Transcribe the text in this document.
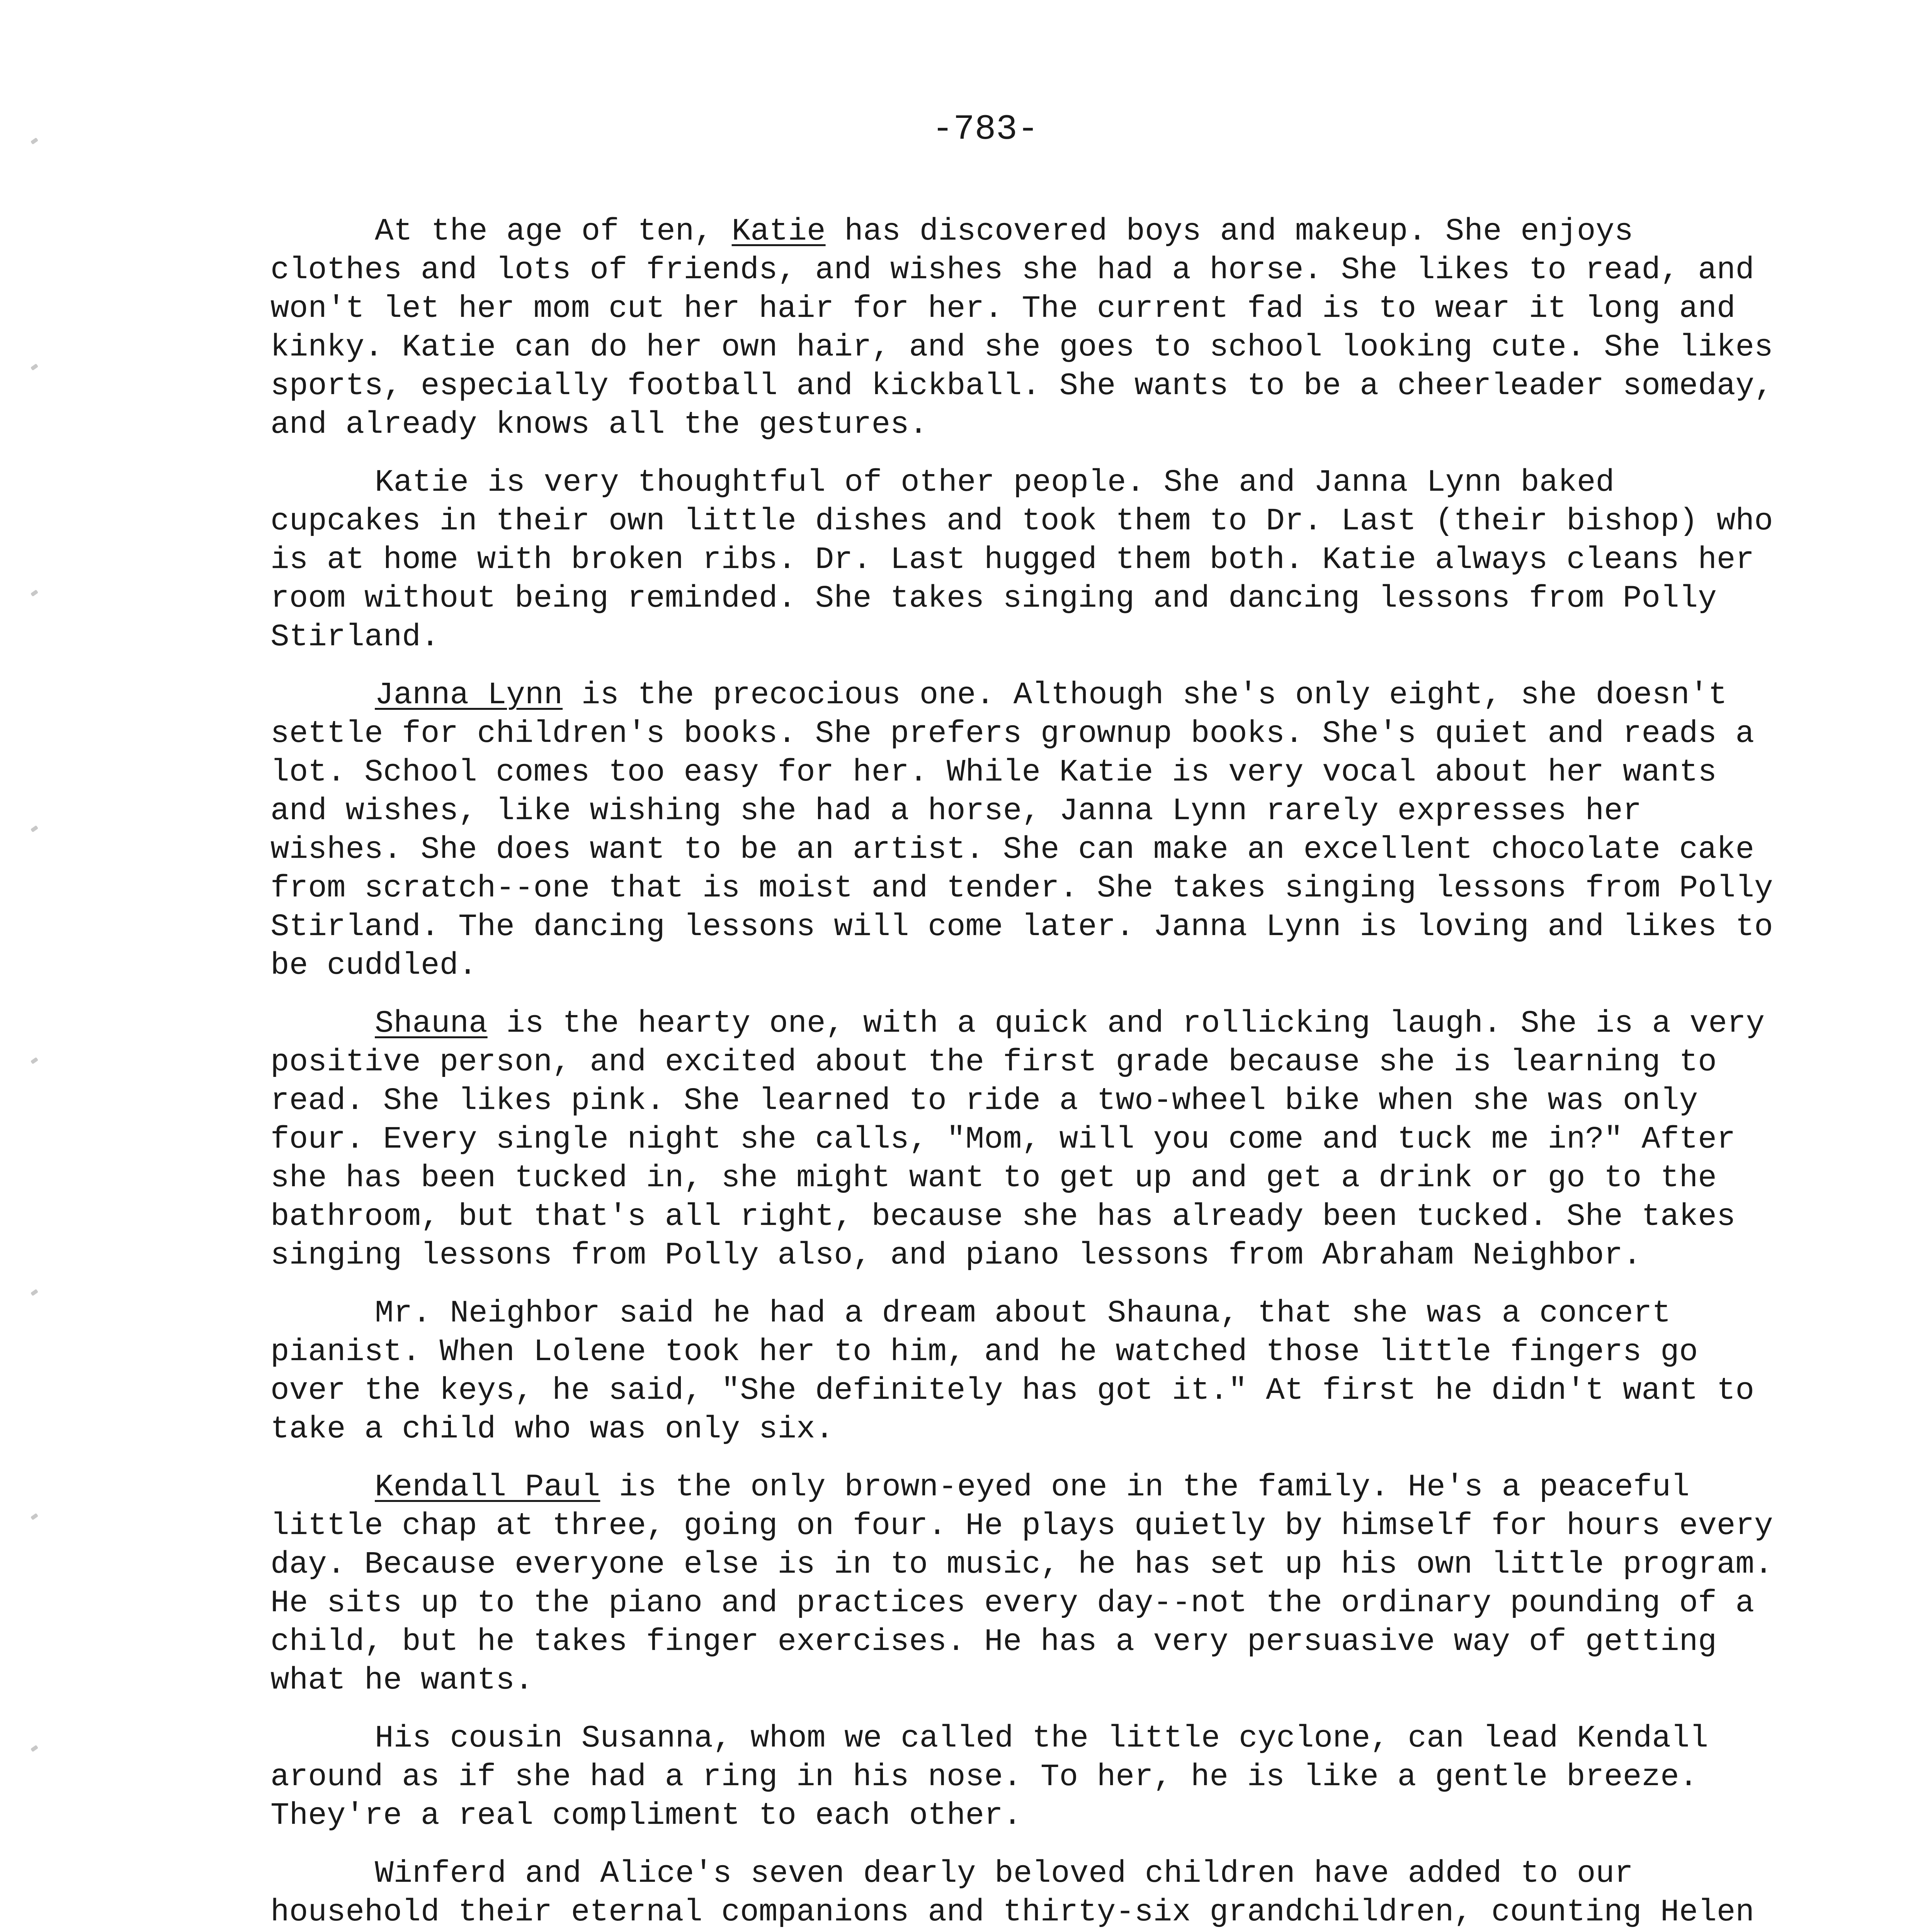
-783-

At the age of ten, Katie has discovered boys and makeup. She enjoys clothes and lots of friends, and wishes she had a horse. She likes to read, and won't let her mom cut her hair for her. The current fad is to wear it long and kinky. Katie can do her own hair, and she goes to school looking cute. She likes sports, especially football and kickball. She wants to be a cheerleader someday, and already knows all the gestures.

Katie is very thoughtful of other people. She and Janna Lynn baked cupcakes in their own little dishes and took them to Dr. Last (their bishop) who is at home with broken ribs. Dr. Last hugged them both. Katie always cleans her room without being reminded. She takes singing and dancing lessons from Polly Stirland.

Janna Lynn is the precocious one. Although she's only eight, she doesn't settle for children's books. She prefers grownup books. She's quiet and reads a lot. School comes too easy for her. While Katie is very vocal about her wants and wishes, like wishing she had a horse, Janna Lynn rarely expresses her wishes. She does want to be an artist. She can make an excellent chocolate cake from scratch--one that is moist and tender. She takes singing lessons from Polly Stirland. The dancing lessons will come later. Janna Lynn is loving and likes to be cuddled.

Shauna is the hearty one, with a quick and rollicking laugh. She is a very positive person, and excited about the first grade because she is learning to read. She likes pink. She learned to ride a two-wheel bike when she was only four. Every single night she calls, "Mom, will you come and tuck me in?" After she has been tucked in, she might want to get up and get a drink or go to the bathroom, but that's all right, because she has already been tucked. She takes singing lessons from Polly also, and piano lessons from Abraham Neighbor.

Mr. Neighbor said he had a dream about Shauna, that she was a concert pianist. When Lolene took her to him, and he watched those little fingers go over the keys, he said, "She definitely has got it." At first he didn't want to take a child who was only six.

Kendall Paul is the only brown-eyed one in the family. He's a peaceful little chap at three, going on four. He plays quietly by himself for hours every day. Because everyone else is in to music, he has set up his own little program. He sits up to the piano and practices every day--not the ordinary pounding of a child, but he takes finger exercises. He has a very persuasive way of getting what he wants.

His cousin Susanna, whom we called the little cyclone, can lead Kendall around as if she had a ring in his nose. To her, he is like a gentle breeze. They're a real compliment to each other.

Winferd and Alice's seven dearly beloved children have added to our household their eternal companions and thirty-six grandchildren, counting Helen
